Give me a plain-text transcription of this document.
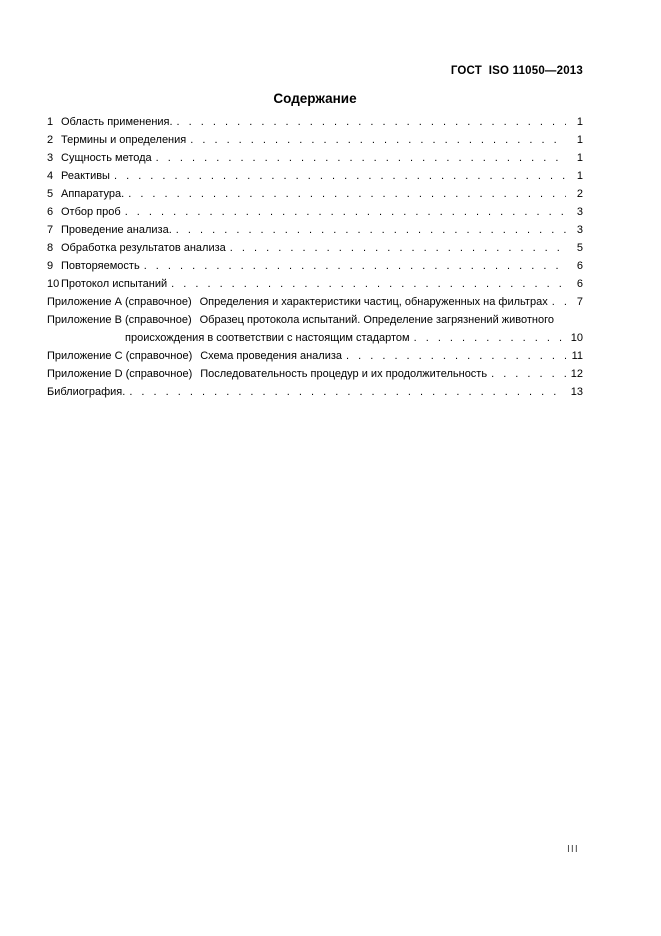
ГОСТ  ISO 11050—2013
Содержание
1 Область применения. . . .	1
2 Термины и определения . . .	1
3 Сущность метода . . .	1
4 Реактивы . . .	1
5 Аппаратура. . . .	2
6 Отбор проб . . .	3
7 Проведение анализа. . . .	3
8 Обработка результатов анализа . . .	5
9 Повторяемость . . .	6
10 Протокол испытаний . . .	6
Приложение А (справочное) Определения и характеристики частиц, обнаруженных на фильтрах . . .	7
Приложение В (справочное) Образец протокола испытаний. Определение загрязнений животного
происхождения в соответствии с настоящим стадартом . . .	10
Приложение С (справочное) Схема проведения анализа . . .	11
Приложение D (справочное) Последовательность процедур и их продолжительность . . .	12
Библиография. . . .	13
III
